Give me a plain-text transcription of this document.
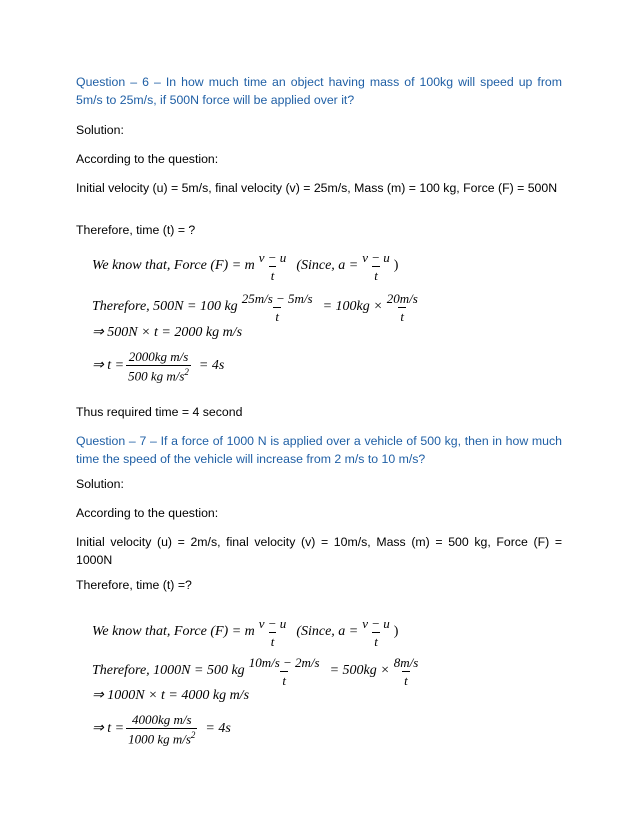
Question – 6 – In how much time an object having mass of 100kg will speed up from 5m/s to 25m/s, if 500N force will be applied over it?

Solution:

According to the question:

Initial velocity (u) = 5m/s, final velocity (v) = 25m/s, Mass (m) = 100 kg, Force (F) = 500N

Therefore, time (t) = ?

We know that, Force (F) = m $\frac{v - u}{t}$ (Since, $a = \frac{v - u}{t}$ )
Therefore, 500N = 100 kg $\frac{25m/s - 5m/s}{t} = 100kg \times \frac{20m/s}{t}$
⇒ 500N × t = 2000 kg m/s
⇒ $t = \frac{\text{2000kg m/s}}{500 kg m/s^2} = 4s$

Thus required time = 4 second

Question – 7 – If a force of 1000 N is applied over a vehicle of 500 kg, then in how much time the speed of the vehicle will increase from 2 m/s to 10 m/s?

Solution:

According to the question:

Initial velocity (u) = 2m/s, final velocity (v) = 10m/s, Mass (m) = 500 kg, Force (F) = 1000N

Therefore, time (t) =?

We know that, Force (F) = m $\frac{v - u}{t}$ (Since, $a = \frac{v - u}{t}$ )
Therefore, 1000N = 500 kg $\frac{10m/s - 2m/s}{t} = 500kg \times \frac{8m/s}{t}$
⇒ 1000N × t = 4000 kg m/s
⇒ $t = \frac{\text{4000kg m/s}}{1000 kg m/s^2} = 4s$
